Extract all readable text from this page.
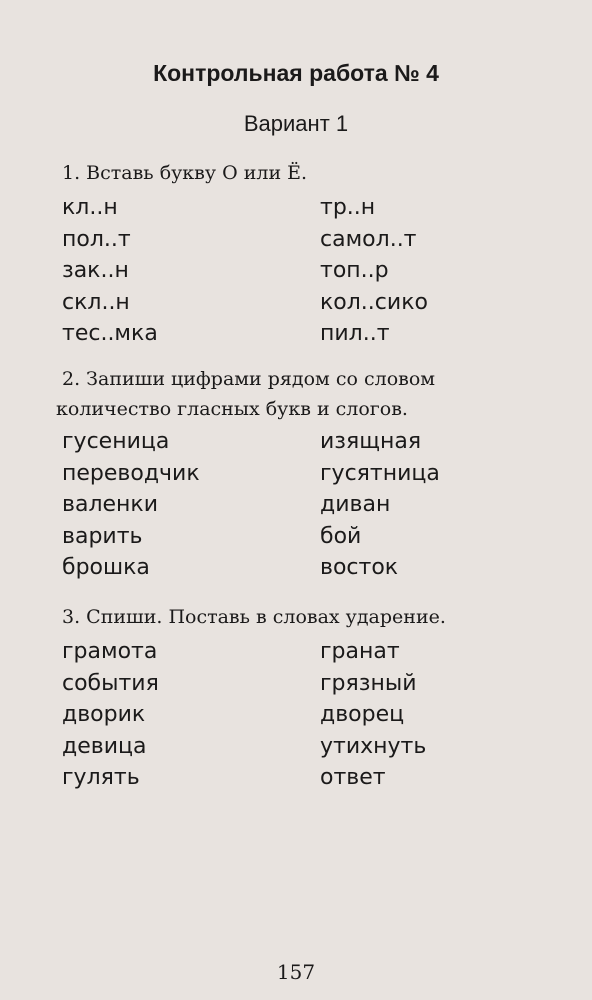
Контрольная работа № 4
Вариант 1
1. Вставь букву О или Ё.
кл..н
пол..т
зак..н
скл..н
тес..мка
тр..н
самол..т
топ..р
кол..сико
пил..т
2. Запиши цифрами рядом со словом
количество гласных букв и слогов.
гусеница
переводчик
валенки
варить
брошка
изящная
гусятница
диван
бой
восток
3. Спиши. Поставь в словах ударение.
грамота
события
дворик
девица
гулять
гранат
грязный
дворец
утихнуть
ответ
157
